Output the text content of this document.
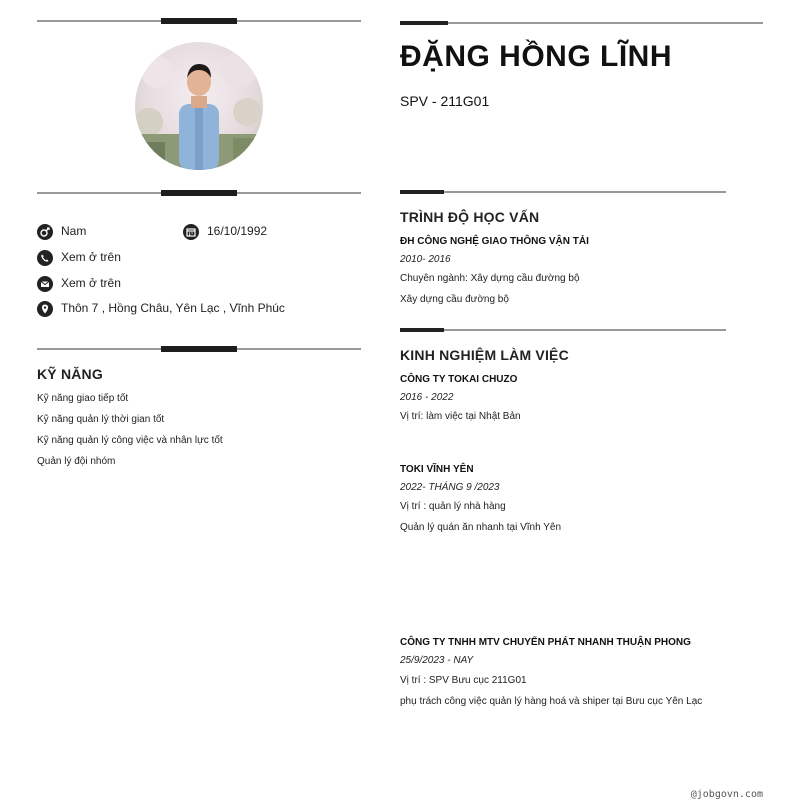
Nam	16/10/1992
Xem ở trên
Xem ở trên
Thôn 7 , Hồng Châu, Yên Lạc , Vĩnh Phúc
KỸ NĂNG
Kỹ năng giao tiếp tốt
Kỹ năng quản lý thời gian tốt
Kỹ năng quản lý công việc và nhân lực tốt
Quản lý đội nhóm
ĐẶNG HỒNG LĨNH
SPV - 211G01
TRÌNH ĐỘ HỌC VẤN
ĐH CÔNG NGHỆ GIAO THÔNG VẬN TẢI
2010- 2016
Chuyên ngành: Xây dựng cầu đường bộ
Xây dựng cầu đường bộ
KINH NGHIỆM LÀM VIỆC
CÔNG TY TOKAI CHUZO
2016 - 2022
Vị trí: làm việc tại Nhật Bản
TOKI VĨNH YÊN
2022- THÁNG 9 /2023
Vị trí : quản lý nhà hàng
Quản lý quán ăn nhanh tại Vĩnh Yên
CÔNG TY TNHH MTV CHUYỂN PHÁT NHANH THUẬN PHONG
25/9/2023 - NAY
Vị trí : SPV Bưu cục 211G01
phụ trách công việc quản lý hàng hoá và shiper tại Bưu cục Yên Lạc
@jobgovn.com
